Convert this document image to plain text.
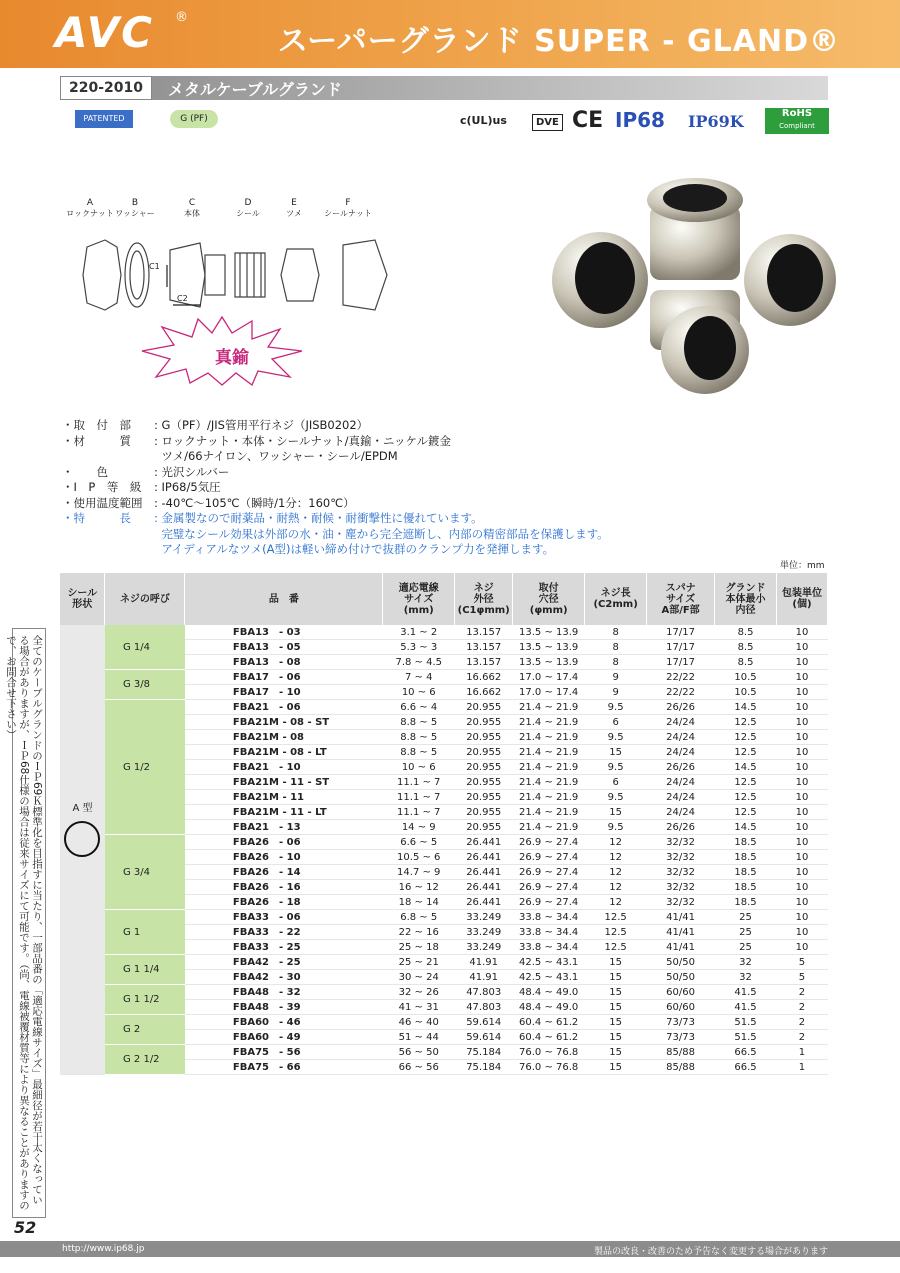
AVC ®
スーパーグランド SUPER - GLAND®
220-2010	メタルケーブルグランド
PATENTED	G (PF)	c(UL)us	DVE CE IP68 IP69K	RoHS
Compliant
A
ロックナット
B
ワッシャー
C
本体
D
シール
E
ツメ
F
シールナット
C1
C2
真鍮
・取　付　部 : G（PF）/JIS管用平行ネジ（JISB0202）
・材　　　質 : ロックナット・本体・シールナット/真鍮・ニッケル鍍金
ツメ/66ナイロン、ワッシャー・シール/EPDM
・　　色	: 光沢シルバー
・I　P　等　級 : IP68/5気圧
・使用温度範囲 : -40℃～105℃（瞬時/1分：160℃）
・特　　　長 : 金属製なので耐薬品・耐熱・耐候・耐衝撃性に優れています。
完璧なシール効果は外部の水・油・塵から完全遮断し、内部の精密部品を保護します。
アイディアルなツメ(A型)は軽い締め付けで抜群のクランプ力を発揮します。
単位：mm
シール
形状	ネジの呼び	品　番	適応電線
サイズ
(mm)	ネジ
外径
(C1φmm)	取付
穴径
(φmm)	ネジ長
(C2mm)	スパナ
サイズ
A部/F部	グランド
本体最小
内径	包装単位
(個)

A 型	G 1/4	FBA13　- 03	3.1 ~ 2	13.157	13.5 ~ 13.9	8	17/17	8.5	10
		FBA13　- 05	5.3 ~ 3	13.157	13.5 ~ 13.9	8	17/17	8.5	10
		FBA13　- 08	7.8 ~ 4.5	13.157	13.5 ~ 13.9	8	17/17	8.5	10
	G 3/8	FBA17　- 06	7 ~ 4	16.662	17.0 ~ 17.4	9	22/22	10.5	10
		FBA17　- 10	10 ~ 6	16.662	17.0 ~ 17.4	9	22/22	10.5	10
	G 1/2	FBA21　- 06	6.6 ~ 4	20.955	21.4 ~ 21.9	9.5	26/26	14.5	10
		FBA21M - 08 - ST	8.8 ~ 5	20.955	21.4 ~ 21.9	6	24/24	12.5	10
		FBA21M - 08	8.8 ~ 5	20.955	21.4 ~ 21.9	9.5	24/24	12.5	10
		FBA21M - 08 - LT	8.8 ~ 5	20.955	21.4 ~ 21.9	15	24/24	12.5	10
		FBA21　- 10	10 ~ 6	20.955	21.4 ~ 21.9	9.5	26/26	14.5	10
		FBA21M - 11 - ST	11.1 ~ 7	20.955	21.4 ~ 21.9	6	24/24	12.5	10
		FBA21M - 11	11.1 ~ 7	20.955	21.4 ~ 21.9	9.5	24/24	12.5	10
		FBA21M - 11 - LT	11.1 ~ 7	20.955	21.4 ~ 21.9	15	24/24	12.5	10
		FBA21　- 13	14 ~ 9	20.955	21.4 ~ 21.9	9.5	26/26	14.5	10
	G 3/4	FBA26　- 06	6.6 ~ 5	26.441	26.9 ~ 27.4	12	32/32	18.5	10
		FBA26　- 10	10.5 ~ 6	26.441	26.9 ~ 27.4	12	32/32	18.5	10
		FBA26　- 14	14.7 ~ 9	26.441	26.9 ~ 27.4	12	32/32	18.5	10
		FBA26　- 16	16 ~ 12	26.441	26.9 ~ 27.4	12	32/32	18.5	10
		FBA26　- 18	18 ~ 14	26.441	26.9 ~ 27.4	12	32/32	18.5	10
	G 1	FBA33　- 06	6.8 ~ 5	33.249	33.8 ~ 34.4	12.5	41/41	25	10
		FBA33　- 22	22 ~ 16	33.249	33.8 ~ 34.4	12.5	41/41	25	10
		FBA33　- 25	25 ~ 18	33.249	33.8 ~ 34.4	12.5	41/41	25	10
	G 1 1/4	FBA42　- 25	25 ~ 21	41.91	42.5 ~ 43.1	15	50/50	32	5
		FBA42　- 30	30 ~ 24	41.91	42.5 ~ 43.1	15	50/50	32	5
	G 1 1/2	FBA48　- 32	32 ~ 26	47.803	48.4 ~ 49.0	15	60/60	41.5	2
		FBA48　- 39	41 ~ 31	47.803	48.4 ~ 49.0	15	60/60	41.5	2
	G 2	FBA60　- 46	46 ~ 40	59.614	60.4 ~ 61.2	15	73/73	51.5	2
		FBA60　- 49	51 ~ 44	59.614	60.4 ~ 61.2	15	73/73	51.5	2
	G 2 1/2	FBA75　- 56	56 ~ 50	75.184	76.0 ~ 76.8	15	85/88	66.5	1
		FBA75　- 66	66 ~ 56	75.184	76.0 ~ 76.8	15	85/88	66.5	1
全てのケーブルグランドのＩＰ69Ｋ標準化を目指すに当たり、一部品番の「適応電線サイズ」最細径が若干太くなっている場合がありますが、ＩＰ68仕様の場合は従来サイズにて可能です。（尚、電線被覆材質等により異なることがありますので、お問合せ下さい）
52
http://www.ip68.jp	製品の改良・改善のため予告なく変更する場合があります
